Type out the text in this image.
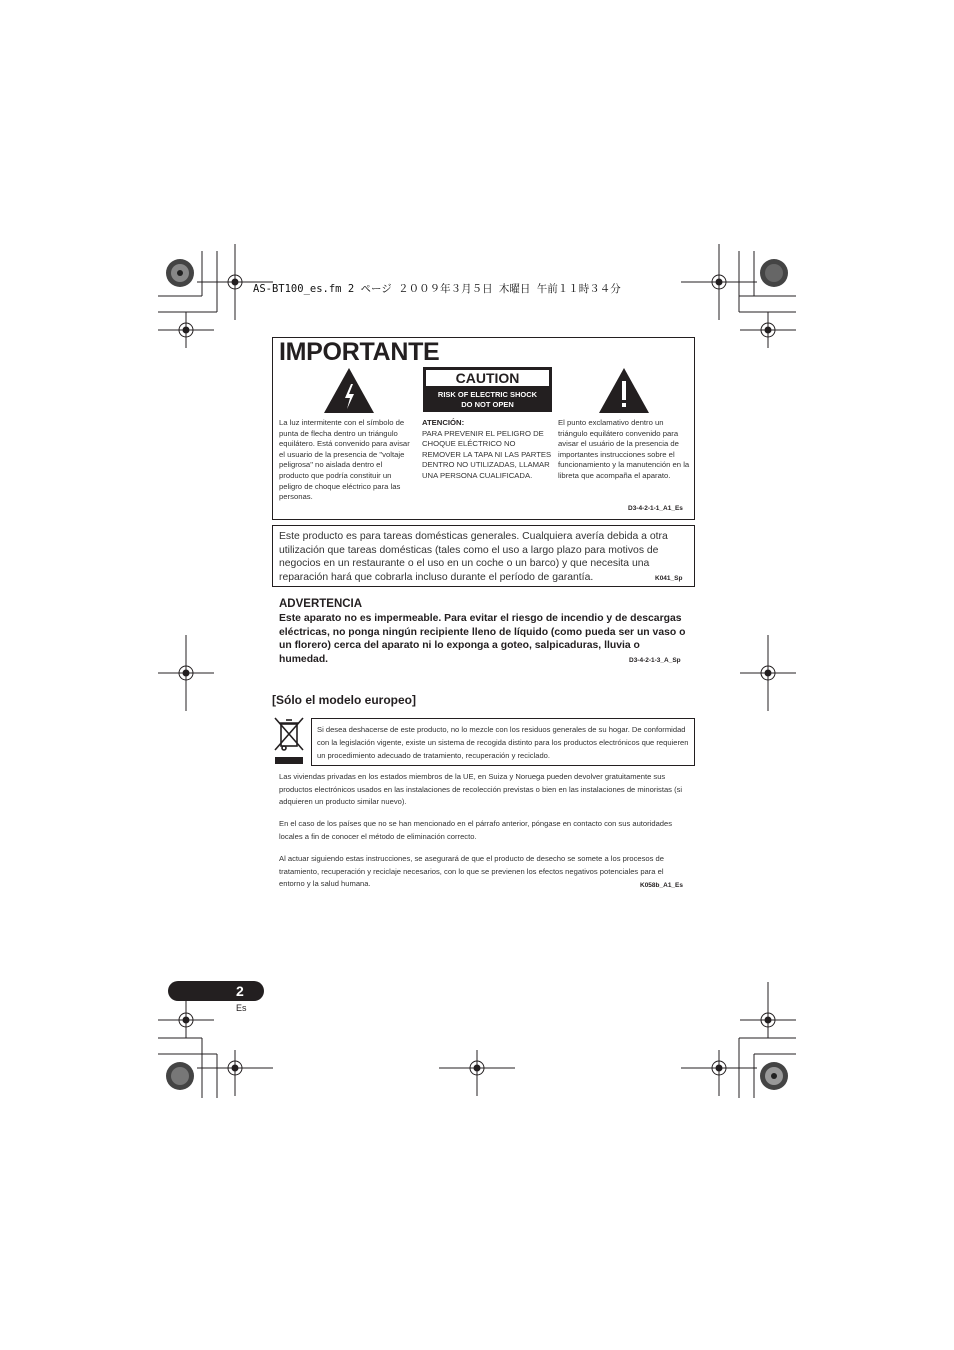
AS-BT100_es.fm 2 ページ ２００９年３月５日 木曜日 午前１１時３４分
IMPORTANTE
CAUTION
RISK OF ELECTRIC SHOCK
DO NOT OPEN
La luz intermitente con el símbolo de punta de flecha dentro un triángulo equilátero. Está convenido para avisar el usuario de la presencia de "voltaje peligrosa" no aislada dentro el producto que podría constituir un peligro de choque eléctrico para las personas.
ATENCIÓN:
PARA PREVENIR EL PELIGRO DE CHOQUE ELÉCTRICO NO REMOVER LA TAPA NI LAS PARTES DENTRO NO UTILIZADAS, LLAMAR UNA PERSONA CUALIFICADA.
El punto exclamativo dentro un triángulo equilátero convenido para avisar el usuário de la presencia de importantes instrucciones sobre el funcionamiento y la manutención en la libreta que acompaña el aparato.
D3-4-2-1-1_A1_Es
Este producto es para tareas domésticas generales. Cualquiera avería debida a otra utilización que tareas domésticas (tales como el uso a largo plazo para motivos de negocios en un restaurante o el uso en un coche o un barco) y que necesita una reparación hará que cobrarla incluso durante el período de garantía.	K041_Sp
ADVERTENCIA
Este aparato no es impermeable. Para evitar el riesgo de incendio y de descargas eléctricas, no ponga ningún recipiente lleno de líquido (como pueda ser un vaso o un florero) cerca del aparato ni lo exponga a goteo, salpicaduras, lluvia o humedad.	D3-4-2-1-3_A_Sp
[Sólo el modelo europeo]
Si desea deshacerse de este producto, no lo mezcle con los residuos generales de su hogar. De conformidad con la legislación vigente, existe un sistema de recogida distinto para los productos electrónicos que requieren un procedimiento adecuado de tratamiento, recuperación y reciclado.
Las viviendas privadas en los estados miembros de la UE, en Suiza y Noruega pueden devolver gratuitamente sus productos electrónicos usados en las instalaciones de recolección previstas o bien en las instalaciones de minoristas (si adquieren un producto similar nuevo).
En el caso de los países que no se han mencionado en el párrafo anterior, póngase en contacto con sus autoridades locales a fin de conocer el método de eliminación correcto.
Al actuar siguiendo estas instrucciones, se asegurará de que el producto de desecho se somete a los procesos de tratamiento, recuperación y reciclaje necesarios, con lo que se previenen los efectos negativos potenciales para el entorno y la salud humana.	K058b_A1_Es
2
Es
